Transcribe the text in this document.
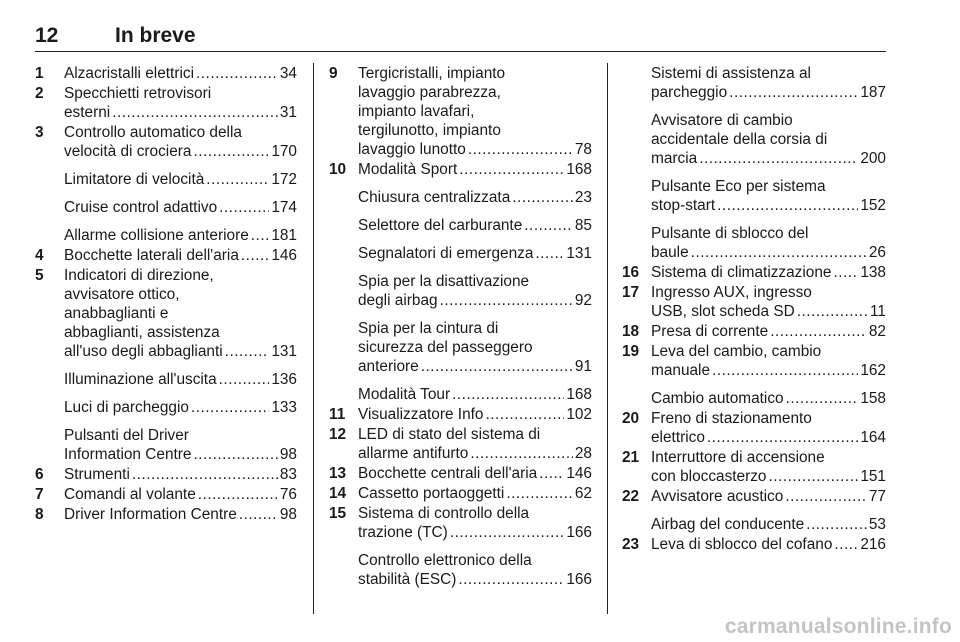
12	In breve
1	Alzacristalli elettrici .....	34
2	Specchietti retrovisori
esterni .....	31
3	Controllo automatico della
velocità di crociera .....	170
Limitatore di velocità .....	172
Cruise control adattivo .....	174
Allarme collisione anteriore ..... 181
4	Bocchette laterali dell'aria ..... 146
5	Indicatori di direzione,
avvisatore ottico,
anabbaglianti e
abbaglianti, assistenza
all'uso degli abbaglianti .....	131
Illuminazione all'uscita .....	136
Luci di parcheggio .....	133
Pulsanti del Driver
Information Centre .....	98
6	Strumenti .....	83
7	Comandi al volante .....	76
8	Driver Information Centre .....	98
9	Tergicristalli, impianto
lavaggio parabrezza,
impianto lavafari,
tergilunotto, impianto
lavaggio lunotto .....	78
10 Modalità Sport .....	168
Chiusura centralizzata .....	23
Selettore del carburante .....	85
Segnalatori di emergenza ..... 131
Spia per la disattivazione
degli airbag .....	92
Spia per la cintura di
sicurezza del passeggero
anteriore .....	91
Modalità Tour .....	168
11 Visualizzatore Info .....	102
12 LED di stato del sistema di
allarme antifurto .....	28
13 Bocchette centrali dell'aria ..... 146
14 Cassetto portaoggetti .....	62
15 Sistema di controllo della
trazione (TC) .....	166
Controllo elettronico della
stabilità (ESC) .....	166
Sistemi di assistenza al
parcheggio .....	187
Avvisatore di cambio
accidentale della corsia di
marcia .....	200
Pulsante Eco per sistema
stop-start .....	152
Pulsante di sblocco del
baule .....	26
16 Sistema di climatizzazione ..... 138
17 Ingresso AUX, ingresso
USB, slot scheda SD .....	11
18 Presa di corrente .....	82
19 Leva del cambio, cambio
manuale .....	162
Cambio automatico .....	158
20 Freno di stazionamento
elettrico .....	164
21 Interruttore di accensione
con bloccasterzo .....	151
22 Avvisatore acustico .....	77
Airbag del conducente .....	53
23 Leva di sblocco del cofano ..... 216
carmanualsonline.info
